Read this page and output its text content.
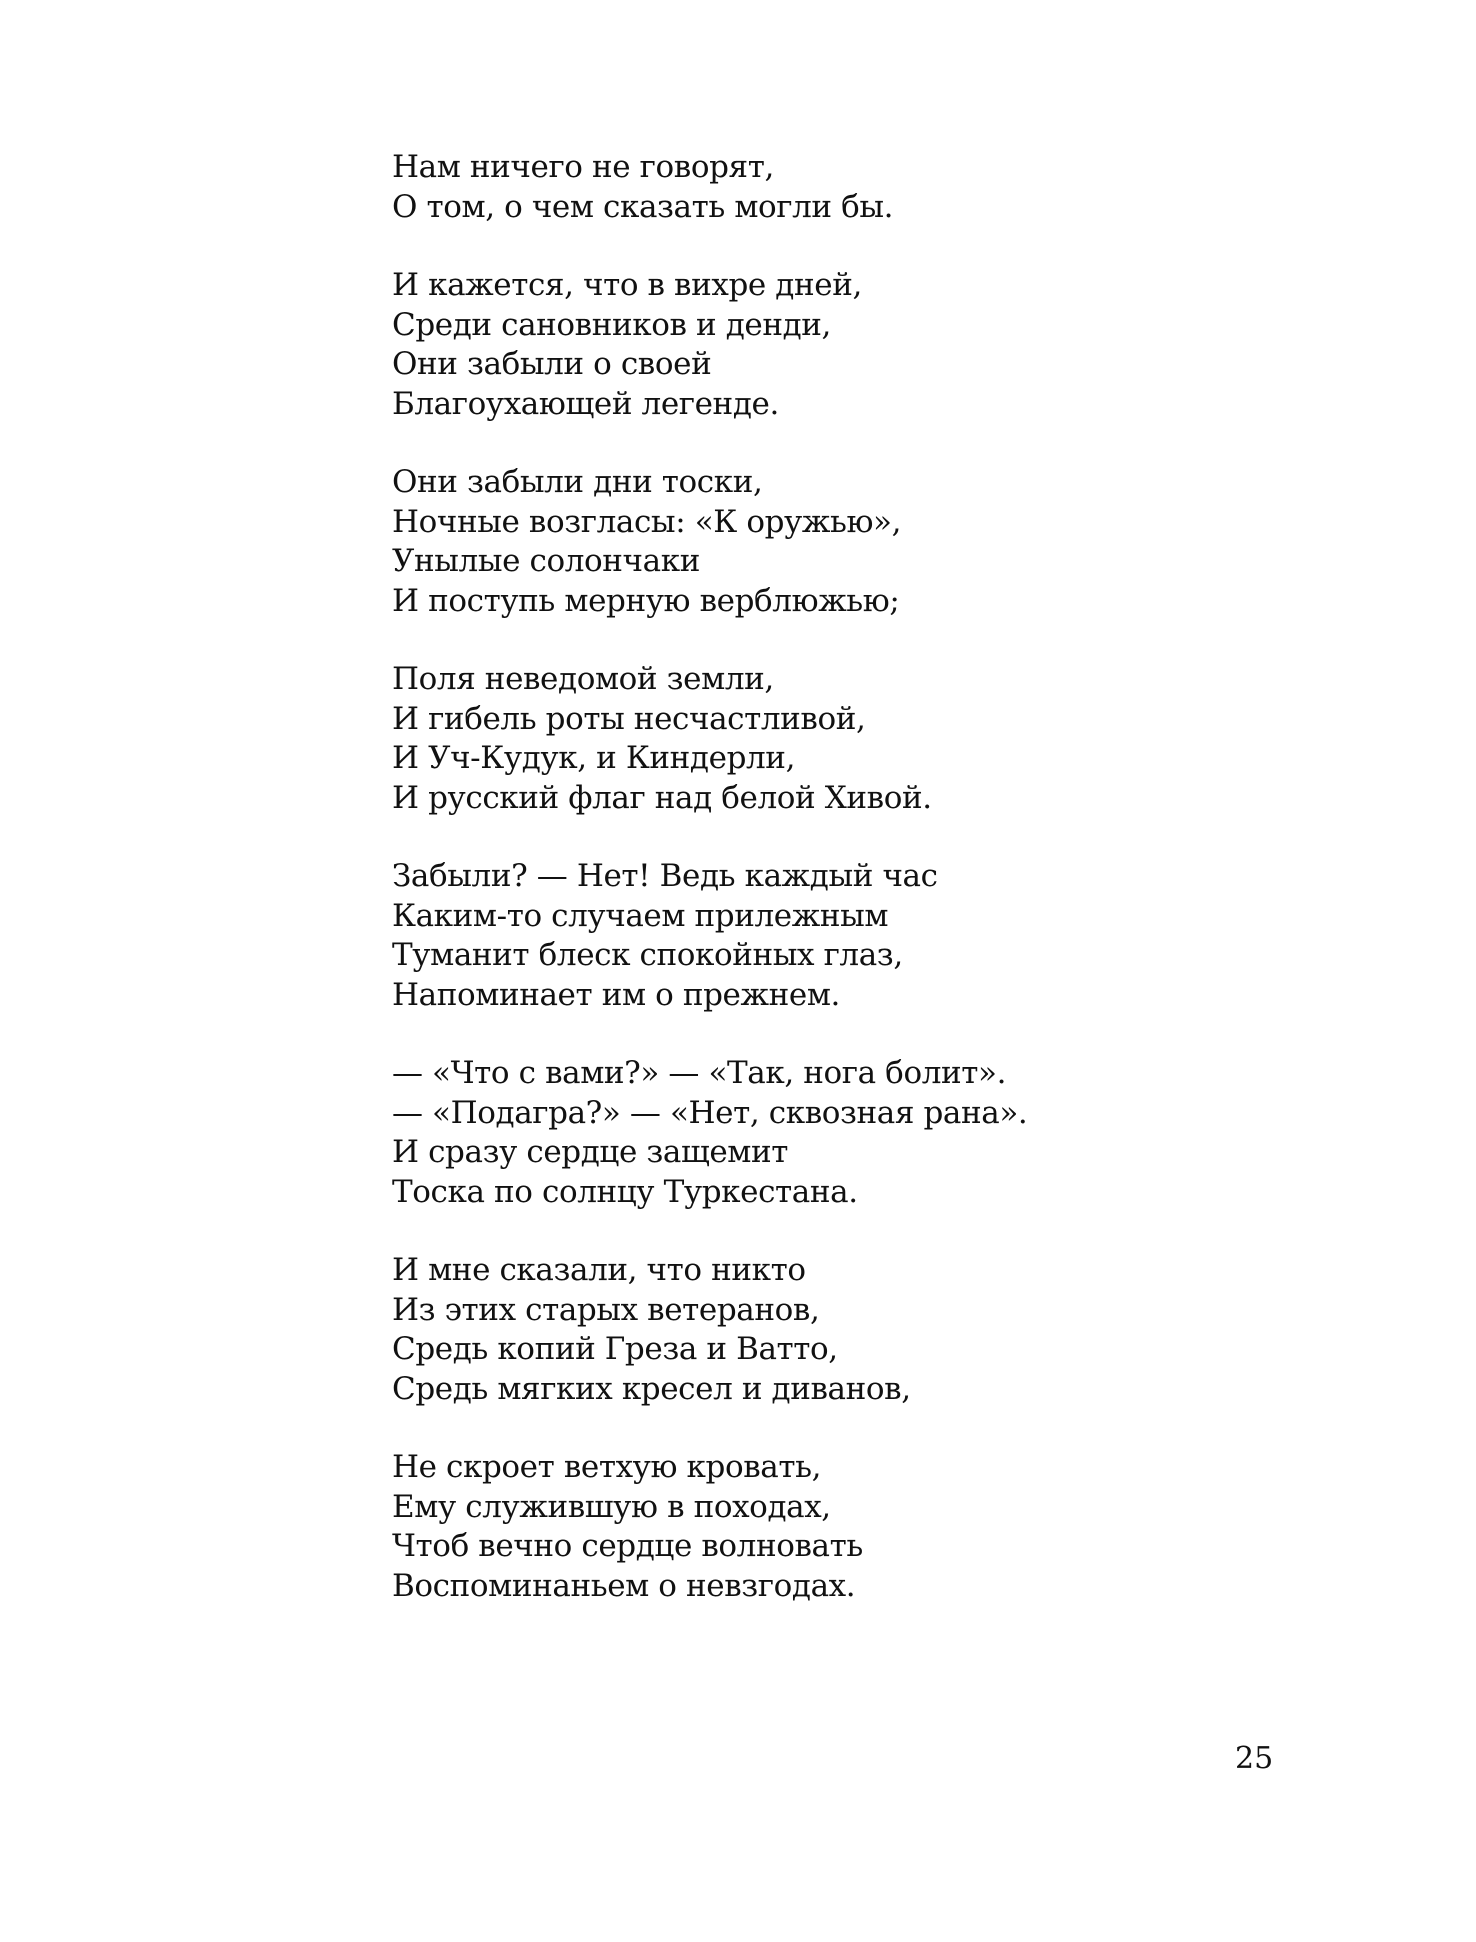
Нам ничего не говорят,
О том, о чем сказать могли бы.
И кажется, что в вихре дней,
Среди сановников и денди,
Они забыли о своей
Благоухающей легенде.
Они забыли дни тоски,
Ночные возгласы: «К оружью»,
Унылые солончаки
И поступь мерную верблюжью;
Поля неведомой земли,
И гибель роты несчастливой,
И Уч-Кудук, и Киндерли,
И русский флаг над белой Хивой.
Забыли? — Нет! Ведь каждый час
Каким-то случаем прилежным
Туманит блеск спокойных глаз,
Напоминает им о прежнем.
— «Что с вами?» — «Так, нога болит».
— «Подагра?» — «Нет, сквозная рана».
И сразу сердце защемит
Тоска по солнцу Туркестана.
И мне сказали, что никто
Из этих старых ветеранов,
Средь копий Греза и Ватто,
Средь мягких кресел и диванов,
Не скроет ветхую кровать,
Ему служившую в походах,
Чтоб вечно сердце волновать
Воспоминаньем о невзгодах.
25
